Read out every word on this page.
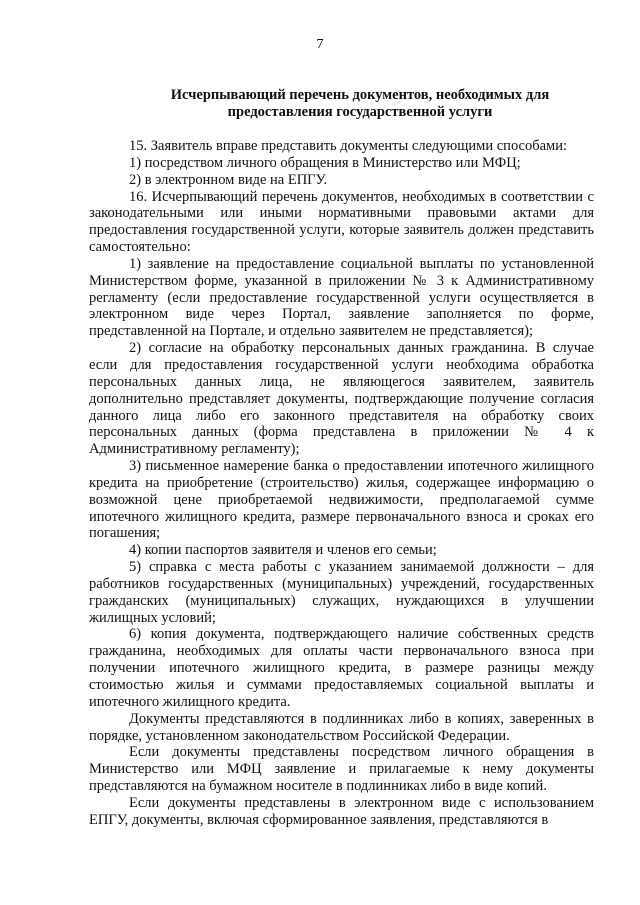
7
Исчерпывающий перечень документов, необходимых для
предоставления государственной услуги

15. Заявитель вправе представить документы следующими способами:

1) посредством личного обращения в Министерство или МФЦ;

2) в электронном виде на ЕПГУ.

16. Исчерпывающий перечень документов, необходимых в соответствии с законодательными или иными нормативными правовыми актами для предоставления государственной услуги, которые заявитель должен представить самостоятельно:

1) заявление на предоставление социальной выплаты по установленной Министерством форме, указанной в приложении № 3 к Административному регламенту (если предоставление государственной услуги осуществляется в электронном виде через Портал, заявление заполняется по форме, представленной на Портале, и отдельно заявителем не представляется);

2) согласие на обработку персональных данных гражданина. В случае если для предоставления государственной услуги необходима обработка персональных данных лица, не являющегося заявителем, заявитель дополнительно представляет документы, подтверждающие получение согласия данного лица либо его законного представителя на обработку своих персональных данных (форма представлена в приложении № 4 к Административному регламенту);

3) письменное намерение банка о предоставлении ипотечного жилищного кредита на приобретение (строительство) жилья, содержащее информацию о возможной цене приобретаемой недвижимости, предполагаемой сумме ипотечного жилищного кредита, размере первоначального взноса и сроках его погашения;

4) копии паспортов заявителя и членов его семьи;

5) справка с места работы с указанием занимаемой должности – для работников государственных (муниципальных) учреждений, государственных гражданских (муниципальных) служащих, нуждающихся в улучшении жилищных условий;

6) копия документа, подтверждающего наличие собственных средств гражданина, необходимых для оплаты части первоначального взноса при получении ипотечного жилищного кредита, в размере разницы между стоимостью жилья и суммами предоставляемых социальной выплаты и ипотечного жилищного кредита.

Документы представляются в подлинниках либо в копиях, заверенных в порядке, установленном законодательством Российской Федерации.

Если документы представлены посредством личного обращения в Министерство или МФЦ заявление и прилагаемые к нему документы представляются на бумажном носителе в подлинниках либо в виде копий.

Если документы представлены в электронном виде с использованием ЕПГУ, документы, включая сформированное заявления, представляются в
